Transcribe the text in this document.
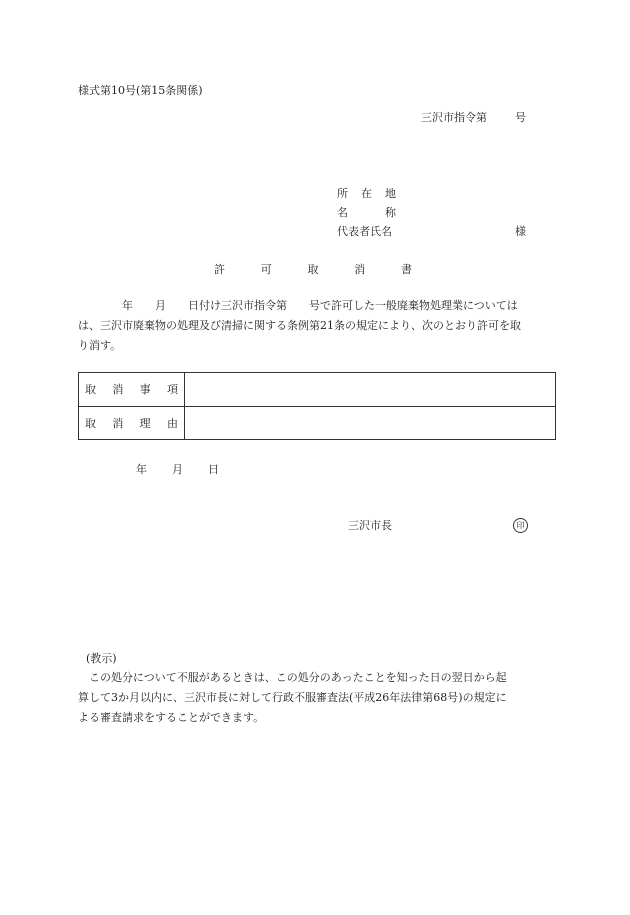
様式第10号(第15条関係)
三沢市指令第	号
所 在 地
名	称
代表者氏名	様
許	可	取	消	書
　　　　年　　月　　日付け三沢市指令第　　号で許可した一般廃棄物処理業については
は、三沢市廃棄物の処理及び清掃に関する条例第21条の規定により、次のとおり許可を取
り消す。
取 消 事 項	

取 消 理 由	

年 月 日
三沢市長	印
(教示)
　この処分について不服があるときは、この処分のあったことを知った日の翌日から起
算して3か月以内に、三沢市長に対して行政不服審査法(平成26年法律第68号)の規定に
よる審査請求をすることができます。
